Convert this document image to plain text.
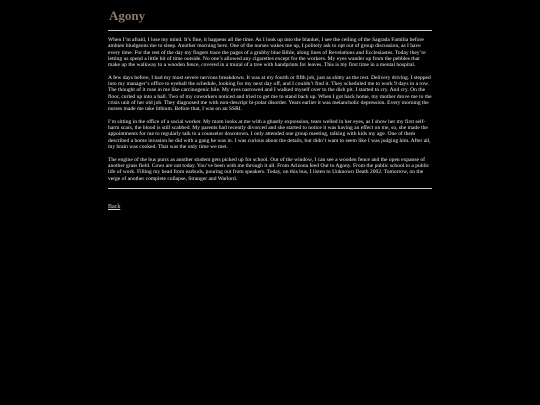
Agony

When I’m afraid, I lose my mind. It’s fine, it happens all the time. As I look up into the blanket, I see the ceiling of the Sagrada Familia before ambien bludgeons me to sleep. Another morning here. One of the nurses wakes me up, I politely ask to opt out of group discussion, as I have every time. For the rest of the day my fingers trace the pages of a grubby blue Bible, along lines of Revelations and Ecclesiastes. Today they’re letting us spend a little bit of time outside. No one’s allowed any cigarettes except for the workers. My eyes wander up from the pebbles that make up the walkway to a wooden fence, covered in a mural of a tree with handprints for leaves. This is my first time in a mental hospital.

A few days before, I had my most severe nervous breakdown. It was at my fourth or fifth job, just as shitty as the rest. Delivery driving. I stepped into my manager’s office to eyeball the schedule, looking for my next day off, and I couldn’t find it. They scheduled me to work 9 days in a row. The thought of it rose in me like carcinogenic bile. My eyes narrowed and I walked myself over to the dish pit. I started to cry. And cry. On the floor, curled up into a ball. Two of my coworkers noticed and tried to get me to stand back up. When I got back home, my mother drove me to the crisis unit of her old job. They diagnosed me with non-descript bi-polar disorder. Years earlier it was melancholic depression. Every morning the nurses made me take lithium. Before that, I was on an SSRI.

I’m sitting in the office of a social worker. My mom looks at me with a ghastly expression, tears welled in her eyes, as I show her my first self-harm scars, the blood is still scabbed. My parents had recently divorced and she started to notice it was having an effect on me, so, she made the appointments for me to regularly talk to a counselor downtown. I only attended one group meeting, talking with kids my age. One of them described a home invasion he did with a gang he was in. I was curious about the details, but didn’t want to seem like I was judging him. After all, my brain was cooked. That was the only time we met.

The engine of the bus purrs as another student gets picked up for school. Out of the window, I can see a wooden fence and the open expanse of another grass field. Cows are out today. You’ve been with me through it all. From Arizona feed Out to Agony. From the public school to a public life of work. Filling my head from earbuds, pouring out from speakers. Today, on this bus, I listen to Unknown Death 2002. Tomorrow, on the verge of another complete collapse, Stranger and Warlord.

Back
